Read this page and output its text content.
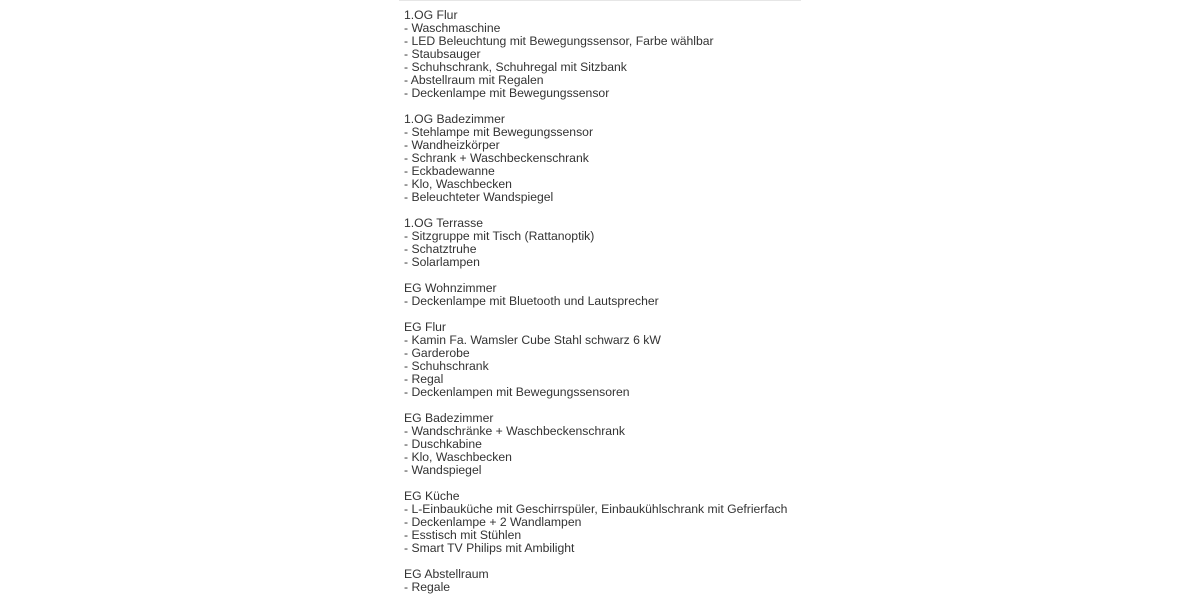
1.OG Flur
- Waschmaschine
- LED Beleuchtung mit Bewegungssensor, Farbe wählbar
- Staubsauger
- Schuhschrank, Schuhregal mit Sitzbank
- Abstellraum mit Regalen
- Deckenlampe mit Bewegungssensor
1.OG Badezimmer
- Stehlampe mit Bewegungssensor
- Wandheizkörper
- Schrank + Waschbeckenschrank
- Eckbadewanne
- Klo, Waschbecken
- Beleuchteter Wandspiegel
1.OG Terrasse
- Sitzgruppe mit Tisch (Rattanoptik)
- Schatztruhe
- Solarlampen
EG Wohnzimmer
- Deckenlampe mit Bluetooth und Lautsprecher
EG Flur
- Kamin Fa. Wamsler Cube Stahl schwarz 6 kW
- Garderobe
- Schuhschrank
- Regal
- Deckenlampen mit Bewegungssensoren
EG Badezimmer
- Wandschränke + Waschbeckenschrank
- Duschkabine
- Klo, Waschbecken
- Wandspiegel
EG Küche
- L-Einbauküche mit Geschirrspüler, Einbaukühlschrank mit Gefrierfach
- Deckenlampe + 2 Wandlampen
- Esstisch mit Stühlen
- Smart TV Philips mit Ambilight
EG Abstellraum
- Regale
